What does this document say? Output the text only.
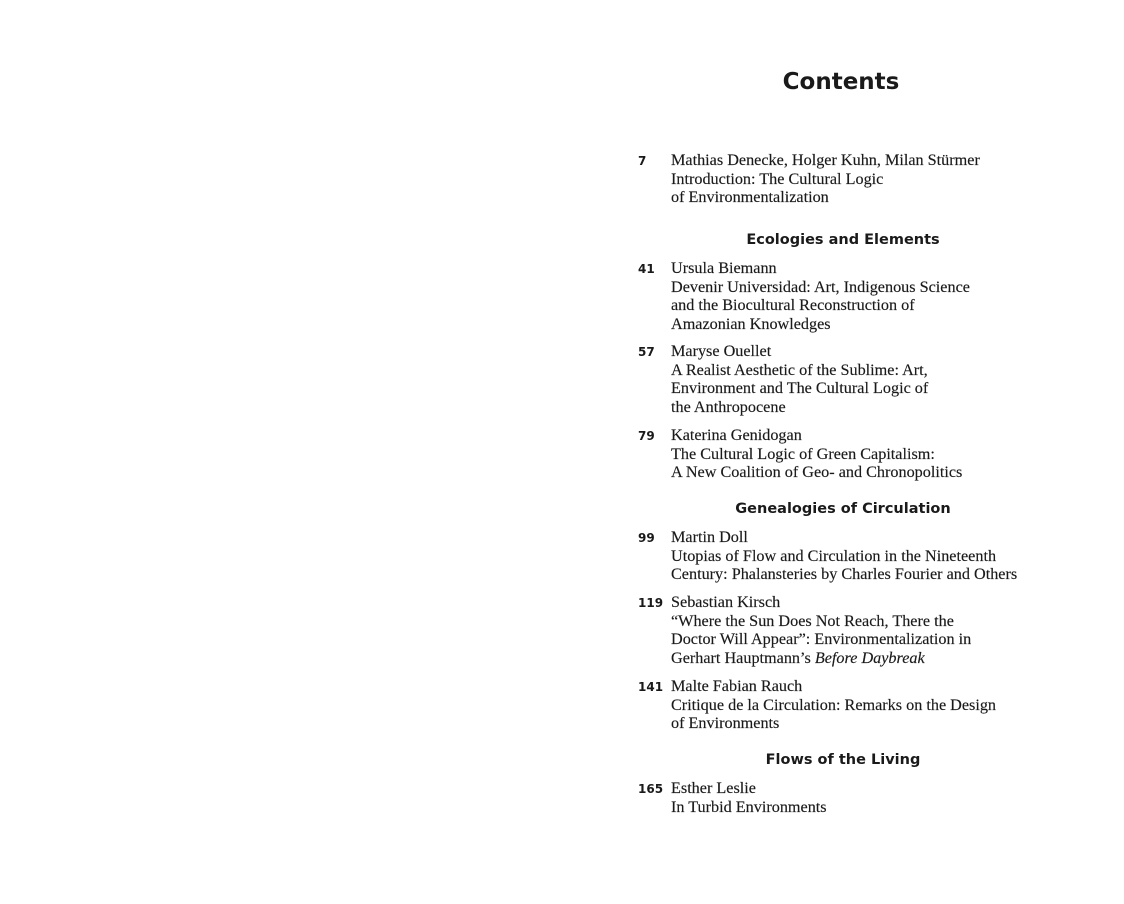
Contents
7	Mathias Denecke, Holger Kuhn, Milan Stürmer
Introduction: The Cultural Logic
of Environmentalization
Ecologies and Elements
41	Ursula Biemann
Devenir Universidad: Art, Indigenous Science
and the Biocultural Reconstruction of
Amazonian Knowledges
57	Maryse Ouellet
A Realist Aesthetic of the Sublime: Art,
Environment and The Cultural Logic of
the Anthropocene
79	Katerina Genidogan
The Cultural Logic of Green Capitalism:
A New Coalition of Geo- and Chronopolitics
Genealogies of Circulation
99	Martin Doll
Utopias of Flow and Circulation in the Nineteenth
Century: Phalansteries by Charles Fourier and Others
119 Sebastian Kirsch
“Where the Sun Does Not Reach, There the
Doctor Will Appear”: Environmentalization in
Gerhart Hauptmann’s Before Daybreak
141 Malte Fabian Rauch
Critique de la Circulation: Remarks on the Design
of Environments
Flows of the Living
165 Esther Leslie
In Turbid Environments
